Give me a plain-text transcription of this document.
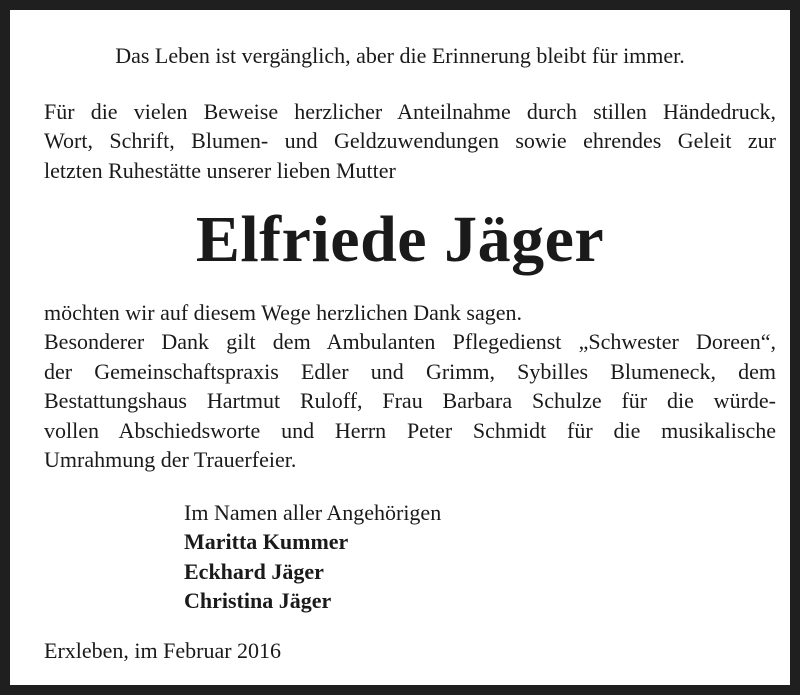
Das Leben ist vergänglich, aber die Erinnerung bleibt für immer.
Für die vielen Beweise herzlicher Anteilnahme durch stillen Händedruck,
Wort, Schrift, Blumen- und Geldzuwendungen sowie ehrendes Geleit zur
letzten Ruhestätte unserer lieben Mutter
Elfriede Jäger
möchten wir auf diesem Wege herzlichen Dank sagen.
Besonderer Dank gilt dem Ambulanten Pflegedienst „Schwester Doreen“,
der Gemeinschaftspraxis Edler und Grimm, Sybilles Blumeneck, dem
Bestattungshaus Hartmut Ruloff, Frau Barbara Schulze für die würde-
vollen Abschiedsworte und Herrn Peter Schmidt für die musikalische
Umrahmung der Trauerfeier.
Im Namen aller Angehörigen
Maritta Kummer
Eckhard Jäger
Christina Jäger
Erxleben, im Februar 2016
